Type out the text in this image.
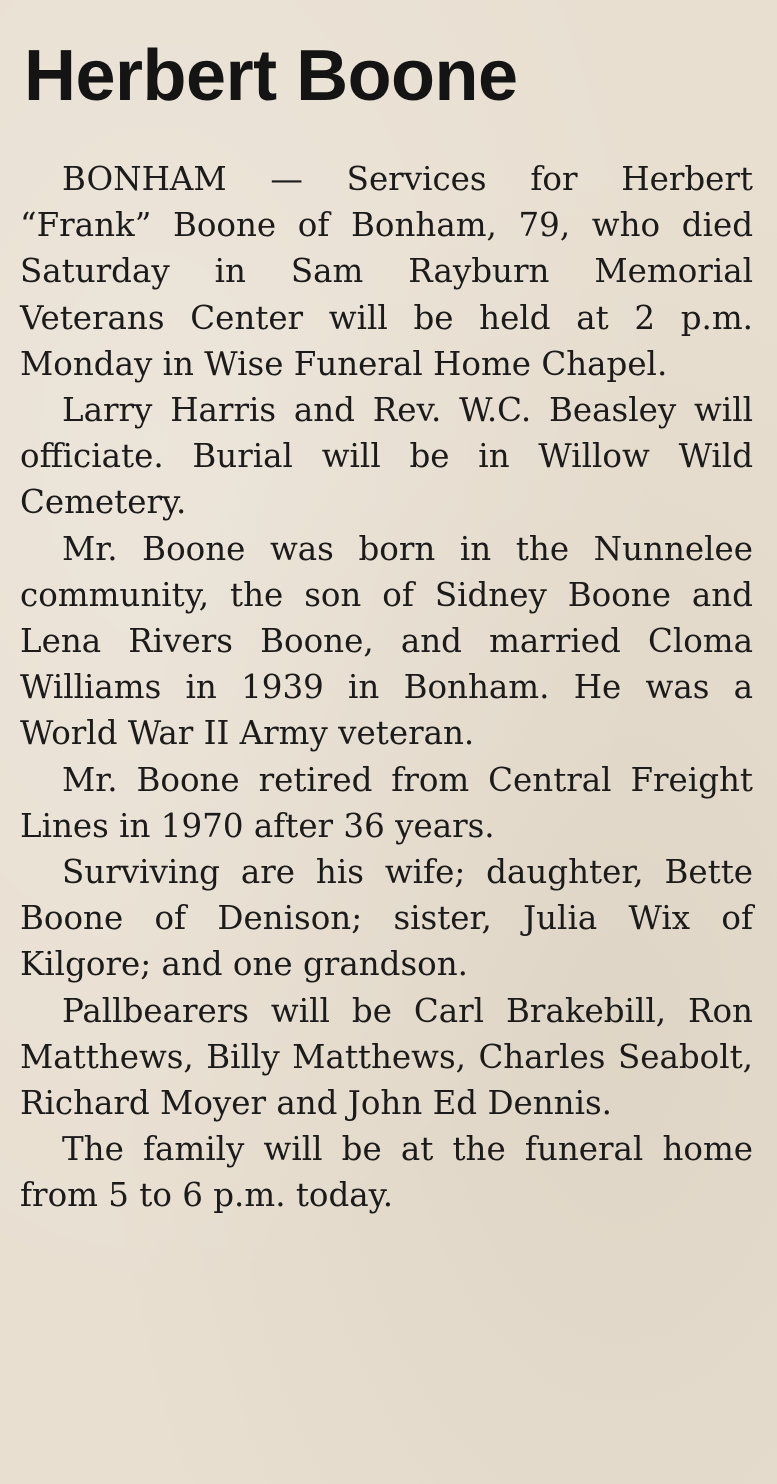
Herbert Boone

BONHAM — Services for Herbert “Frank” Boone of Bonham, 79, who died Saturday in Sam Rayburn Memorial Veterans Center will be held at 2 p.m. Monday in Wise Funeral Home Chapel.

Larry Harris and Rev. W.C. Beasley will officiate. Burial will be in Willow Wild Cemetery.

Mr. Boone was born in the Nunnelee community, the son of Sidney Boone and Lena Rivers Boone, and married Cloma Williams in 1939 in Bonham. He was a World War II Army veteran.

Mr. Boone retired from Central Freight Lines in 1970 after 36 years.

Surviving are his wife; daughter, Bette Boone of Denison; sister, Julia Wix of Kilgore; and one grandson.

Pallbearers will be Carl Brakebill, Ron Matthews, Billy Matthews, Charles Seabolt, Richard Moyer and John Ed Dennis.

The family will be at the funeral home from 5 to 6 p.m. today.
